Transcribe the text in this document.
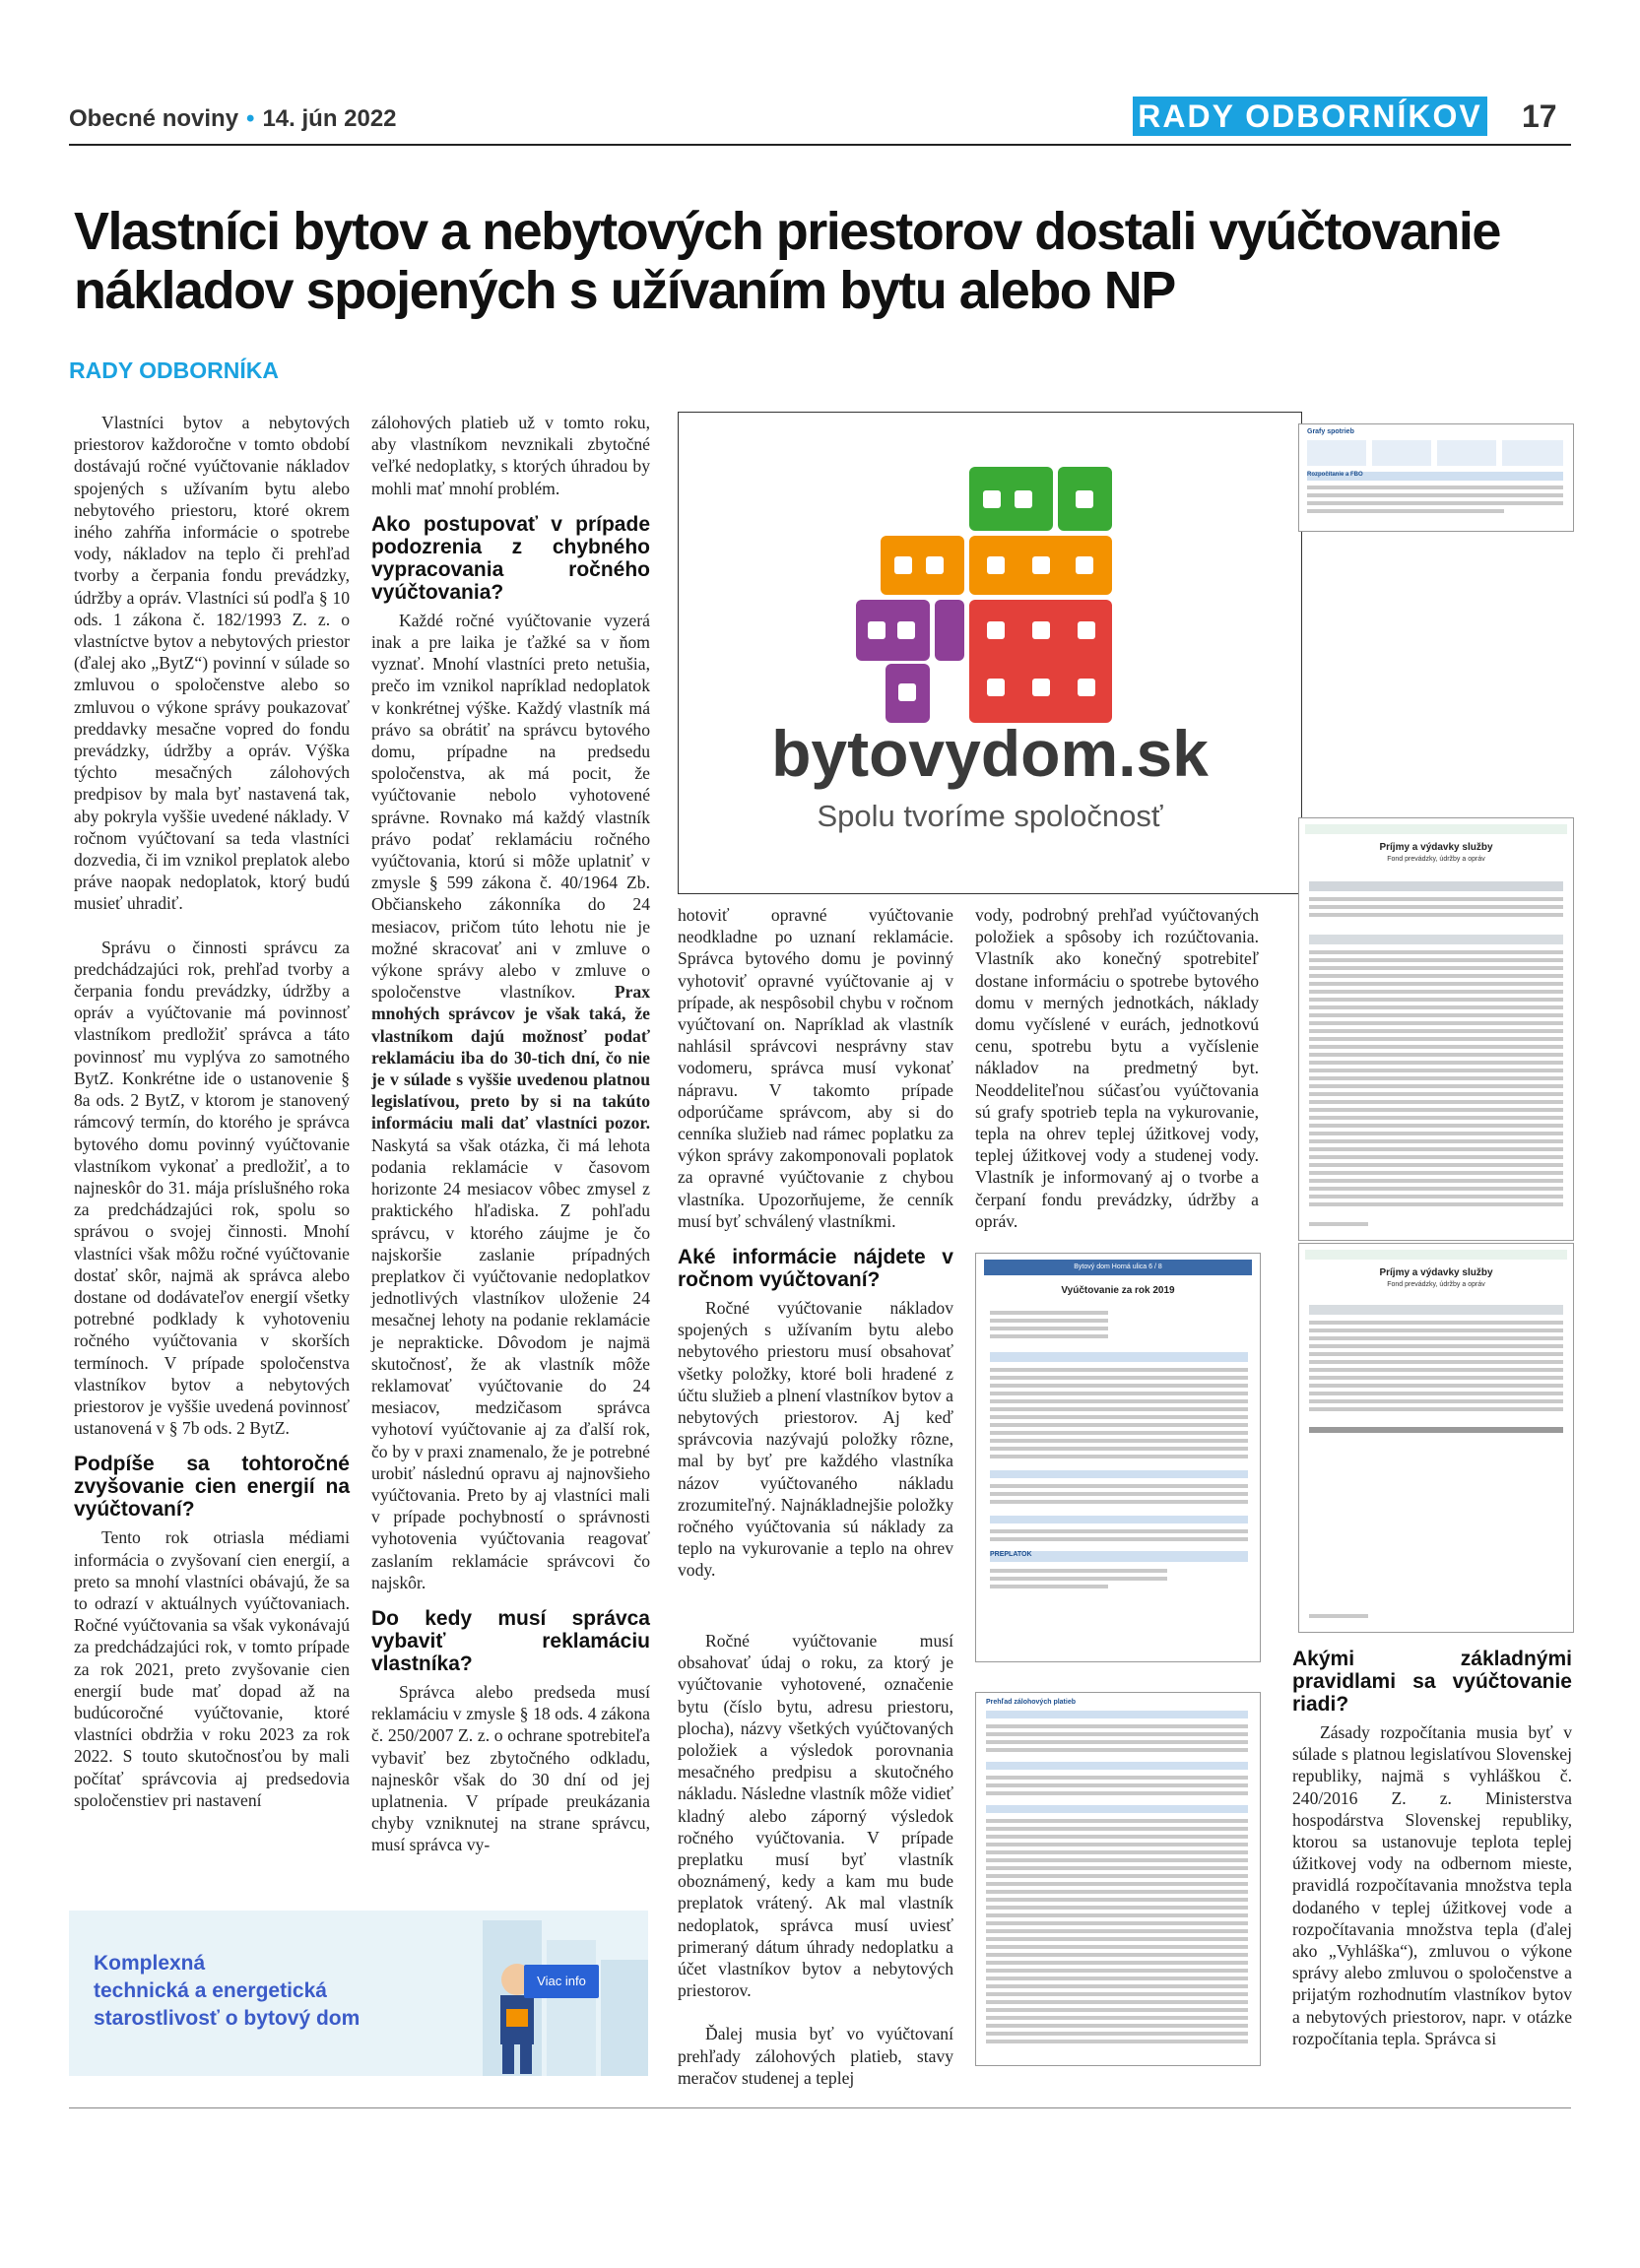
Obecné noviny • 14. jún 2022	RADY ODBORNÍKOV 17
Vlastníci bytov a nebytových priestorov dostali vyúčtovanie nákladov spojených s užívaním bytu alebo NP
RADY ODBORNÍKA

Vlastníci bytov a nebytových priestorov každoročne v tomto období dostávajú ročné vyúčtovanie nákladov spojených s užívaním bytu alebo nebytového priestoru, ktoré okrem iného zahŕňa informácie o spotrebe vody, nákladov na teplo či prehľad tvorby a čerpania fondu prevádzky, údržby a opráv. Vlastníci sú podľa § 10 ods. 1 zákona č. 182/1993 Z. z. o vlastníctve bytov a nebytových priestor (ďalej ako „BytZ“) povinní v súlade so zmluvou o spoločenstve alebo so zmluvou o výkone správy poukazovať preddavky mesačne vopred do fondu prevádzky, údržby a opráv. Výška týchto mesačných zálohových predpisov by mala byť nastavená tak, aby pokryla vyššie uvedené náklady. V ročnom vyúčtovaní sa teda vlastníci dozvedia, či im vznikol preplatok alebo práve naopak nedoplatok, ktorý budú musieť uhradiť.

Správu o činnosti správcu za predchádzajúci rok, prehľad tvorby a čerpania fondu prevádzky, údržby a opráv a vyúčtovanie má povinnosť vlastníkom predložiť správca a táto povinnosť mu vyplýva zo samotného BytZ. Konkrétne ide o ustanovenie § 8a ods. 2 BytZ, v ktorom je stanovený rámcový termín, do ktorého je správca bytového domu povinný vyúčtovanie vlastníkom vykonať a predložiť, a to najneskôr do 31. mája príslušného roka za predchádzajúci rok, spolu so správou o svojej činnosti. Mnohí vlastníci však môžu ročné vyúčtovanie dostať skôr, najmä ak správca alebo dostane od dodávateľov energií všetky potrebné podklady k vyhotoveniu ročného vyúčtovania v skorších termínoch. V prípade spoločenstva vlastníkov bytov a nebytových priestorov je vyššie uvedená povinnosť ustanovená v § 7b ods. 2 BytZ.

Podpíše sa tohtoročné zvyšovanie cien energií na vyúčtovaní?

Tento rok otriasla médiami informácia o zvyšovaní cien energií, a preto sa mnohí vlastníci obávajú, že sa to odrazí v aktuálnych vyúčtovaniach. Ročné vyúčtovania sa však vykonávajú za predchádzajúci rok, v tomto prípade za rok 2021, preto zvyšovanie cien energií bude mať dopad až na budúcoročné vyúčtovanie, ktoré vlastníci obdržia v roku 2023 za rok 2022. S touto skutočnosťou by mali počítať správcovia aj predsedovia spoločenstiev pri nastavení

zálohových platieb už v tomto roku, aby vlastníkom nevznikali zbytočné veľké nedoplatky, s ktorých úhradou by mohli mať mnohí problém.

Ako postupovať v prípade podozrenia z chybného vypracovania ročného vyúčtovania?

Každé ročné vyúčtovanie vyzerá inak a pre laika je ťažké sa v ňom vyznať. Mnohí vlastníci preto netušia, prečo im vznikol napríklad nedoplatok v konkrétnej výške. Každý vlastník má právo sa obrátiť na správcu bytového domu, prípadne na predsedu spoločenstva, ak má pocit, že vyúčtovanie nebolo vyhotovené správne. Rovnako má každý vlastník právo podať reklamáciu ročného vyúčtovania, ktorú si môže uplatniť v zmysle § 599 zákona č. 40/1964 Zb. Občianskeho zákonníka do 24 mesiacov, pričom túto lehotu nie je možné skracovať ani v zmluve o výkone správy alebo v zmluve o spoločenstve vlastníkov. Prax mnohých správcov je však taká, že vlastníkom dajú možnosť podať reklamáciu iba do 30-tich dní, čo nie je v súlade s vyššie uvedenou platnou legislatívou, preto by si na takúto informáciu mali dať vlastníci pozor. Naskytá sa však otázka, či má lehota podania reklamácie v časovom horizonte 24 mesiacov vôbec zmysel z praktického hľadiska. Z pohľadu správcu, v ktorého záujme je čo najskoršie zaslanie prípadných preplatkov či vyúčtovanie nedoplatkov jednotlivých vlastníkov uloženie 24 mesačnej lehoty na podanie reklamácie je neprakticke. Dôvodom je najmä skutočnosť, že ak vlastník môže reklamovať vyúčtovanie do 24 mesiacov, medzičasom správca vyhotoví vyúčtovanie aj za ďalší rok, čo by v praxi znamenalo, že je potrebné urobiť následnú opravu aj najnovšieho vyúčtovania. Preto by aj vlastníci mali v prípade pochybností o správnosti vyhotovenia vyúčtovania reagovať zaslaním reklamácie správcovi čo najskôr.

Do kedy musí správca vybaviť reklamáciu vlastníka?

Správca alebo predseda musí reklamáciu v zmysle § 18 ods. 4 zákona č. 250/2007 Z. z. o ochrane spotrebiteľa vybaviť bez zbytočného odkladu, najneskôr však do 30 dní od jej uplatnenia. V prípade preukázania chyby vzniknutej na strane správcu, musí správca vy-

bytovydom.sk
Spolu tvoríme spoločnosť
Grafy spotrieb
Rozpočítanie a FBO
Príjmy a výdavky služby
Fond prevádzky, údržby a opráv
Príjmy a výdavky služby
Fond prevádzky, údržby a opráv

hotoviť opravné vyúčtovanie neodkladne po uznaní reklamácie. Správca bytového domu je povinný vyhotoviť opravné vyúčtovanie aj v prípade, ak nespôsobil chybu v ročnom vyúčtovaní on. Napríklad ak vlastník nahlásil správcovi nesprávny stav vodomeru, správca musí vykonať nápravu. V takomto prípade odporúčame správcom, aby si do cenníka služieb nad rámec poplatku za výkon správy zakomponovali poplatok za opravné vyúčtovanie z chybou vlastníka. Upozorňujeme, že cenník musí byť schválený vlastníkmi.

Aké informácie nájdete v ročnom vyúčtovaní?

Ročné vyúčtovanie nákladov spojených s užívaním bytu alebo nebytového priestoru musí obsahovať všetky položky, ktoré boli hradené z účtu služieb a plnení vlastníkov bytov a nebytových priestorov. Aj keď správcovia nazývajú položky rôzne, mal by byť pre každého vlastníka názov vyúčtovaného nákladu zrozumiteľný. Najnákladnejšie položky ročného vyúčtovania sú náklady za teplo na vykurovanie a teplo na ohrev vody.

Ročné vyúčtovanie musí obsahovať údaj o roku, za ktorý je vyúčtovanie vyhotovené, označenie bytu (číslo bytu, adresu priestoru, plocha), názvy všetkých vyúčtovaných položiek a výsledok porovnania mesačného predpisu a skutočného nákladu. Následne vlastník môže vidieť kladný alebo záporný výsledok ročného vyúčtovania. V prípade preplatku musí byť vlastník oboznámený, kedy a kam mu bude preplatok vrátený. Ak mal vlastník nedoplatok, správca musí uviesť primeraný dátum úhrady nedoplatku a účet vlastníkov bytov a nebytových priestorov.

Ďalej musia byť vo vyúčtovaní prehľady zálohových platieb, stavy meračov studenej a teplej

vody, podrobný prehľad vyúčtovaných položiek a spôsoby ich rozúčtovania. Vlastník ako konečný spotrebiteľ dostane informáciu o spotrebe bytového domu v merných jednotkách, náklady domu vyčíslené v eurách, jednotkovú cenu, spotrebu bytu a vyčíslenie nákladov na predmetný byt. Neoddeliteľnou súčasťou vyúčtovania sú grafy spotrieb tepla na vykurovanie, tepla na ohrev teplej úžitkovej vody, teplej úžitkovej vody a studenej vody. Vlastník je informovaný aj o tvorbe a čerpaní fondu prevádzky, údržby a opráv.

Bytový dom Horná ulica 6 / 8
Vyúčtovanie za rok 2019
PREPLATOK
Prehľad zálohových platieb
Akými základnými pravidlami sa vyúčtovanie riadi?

Zásady rozpočítania musia byť v súlade s platnou legislatívou Slovenskej republiky, najmä s vyhláškou č. 240/2016 Z. z. Ministerstva hospodárstva Slovenskej republiky, ktorou sa ustanovuje teplota teplej úžitkovej vody na odbernom mieste, pravidlá rozpočítavania množstva tepla dodaného v teplej úžitkovej vode a rozpočítavania množstva tepla (ďalej ako „Vyhláška“), zmluvou o výkone správy alebo zmluvou o spoločenstve a prijatým rozhodnutím vlastníkov bytov a nebytových priestorov, napr. v otázke rozpočítania tepla. Správca si

Komplexná
technická a energetická
starostlivosť o bytový dom
Viac info
